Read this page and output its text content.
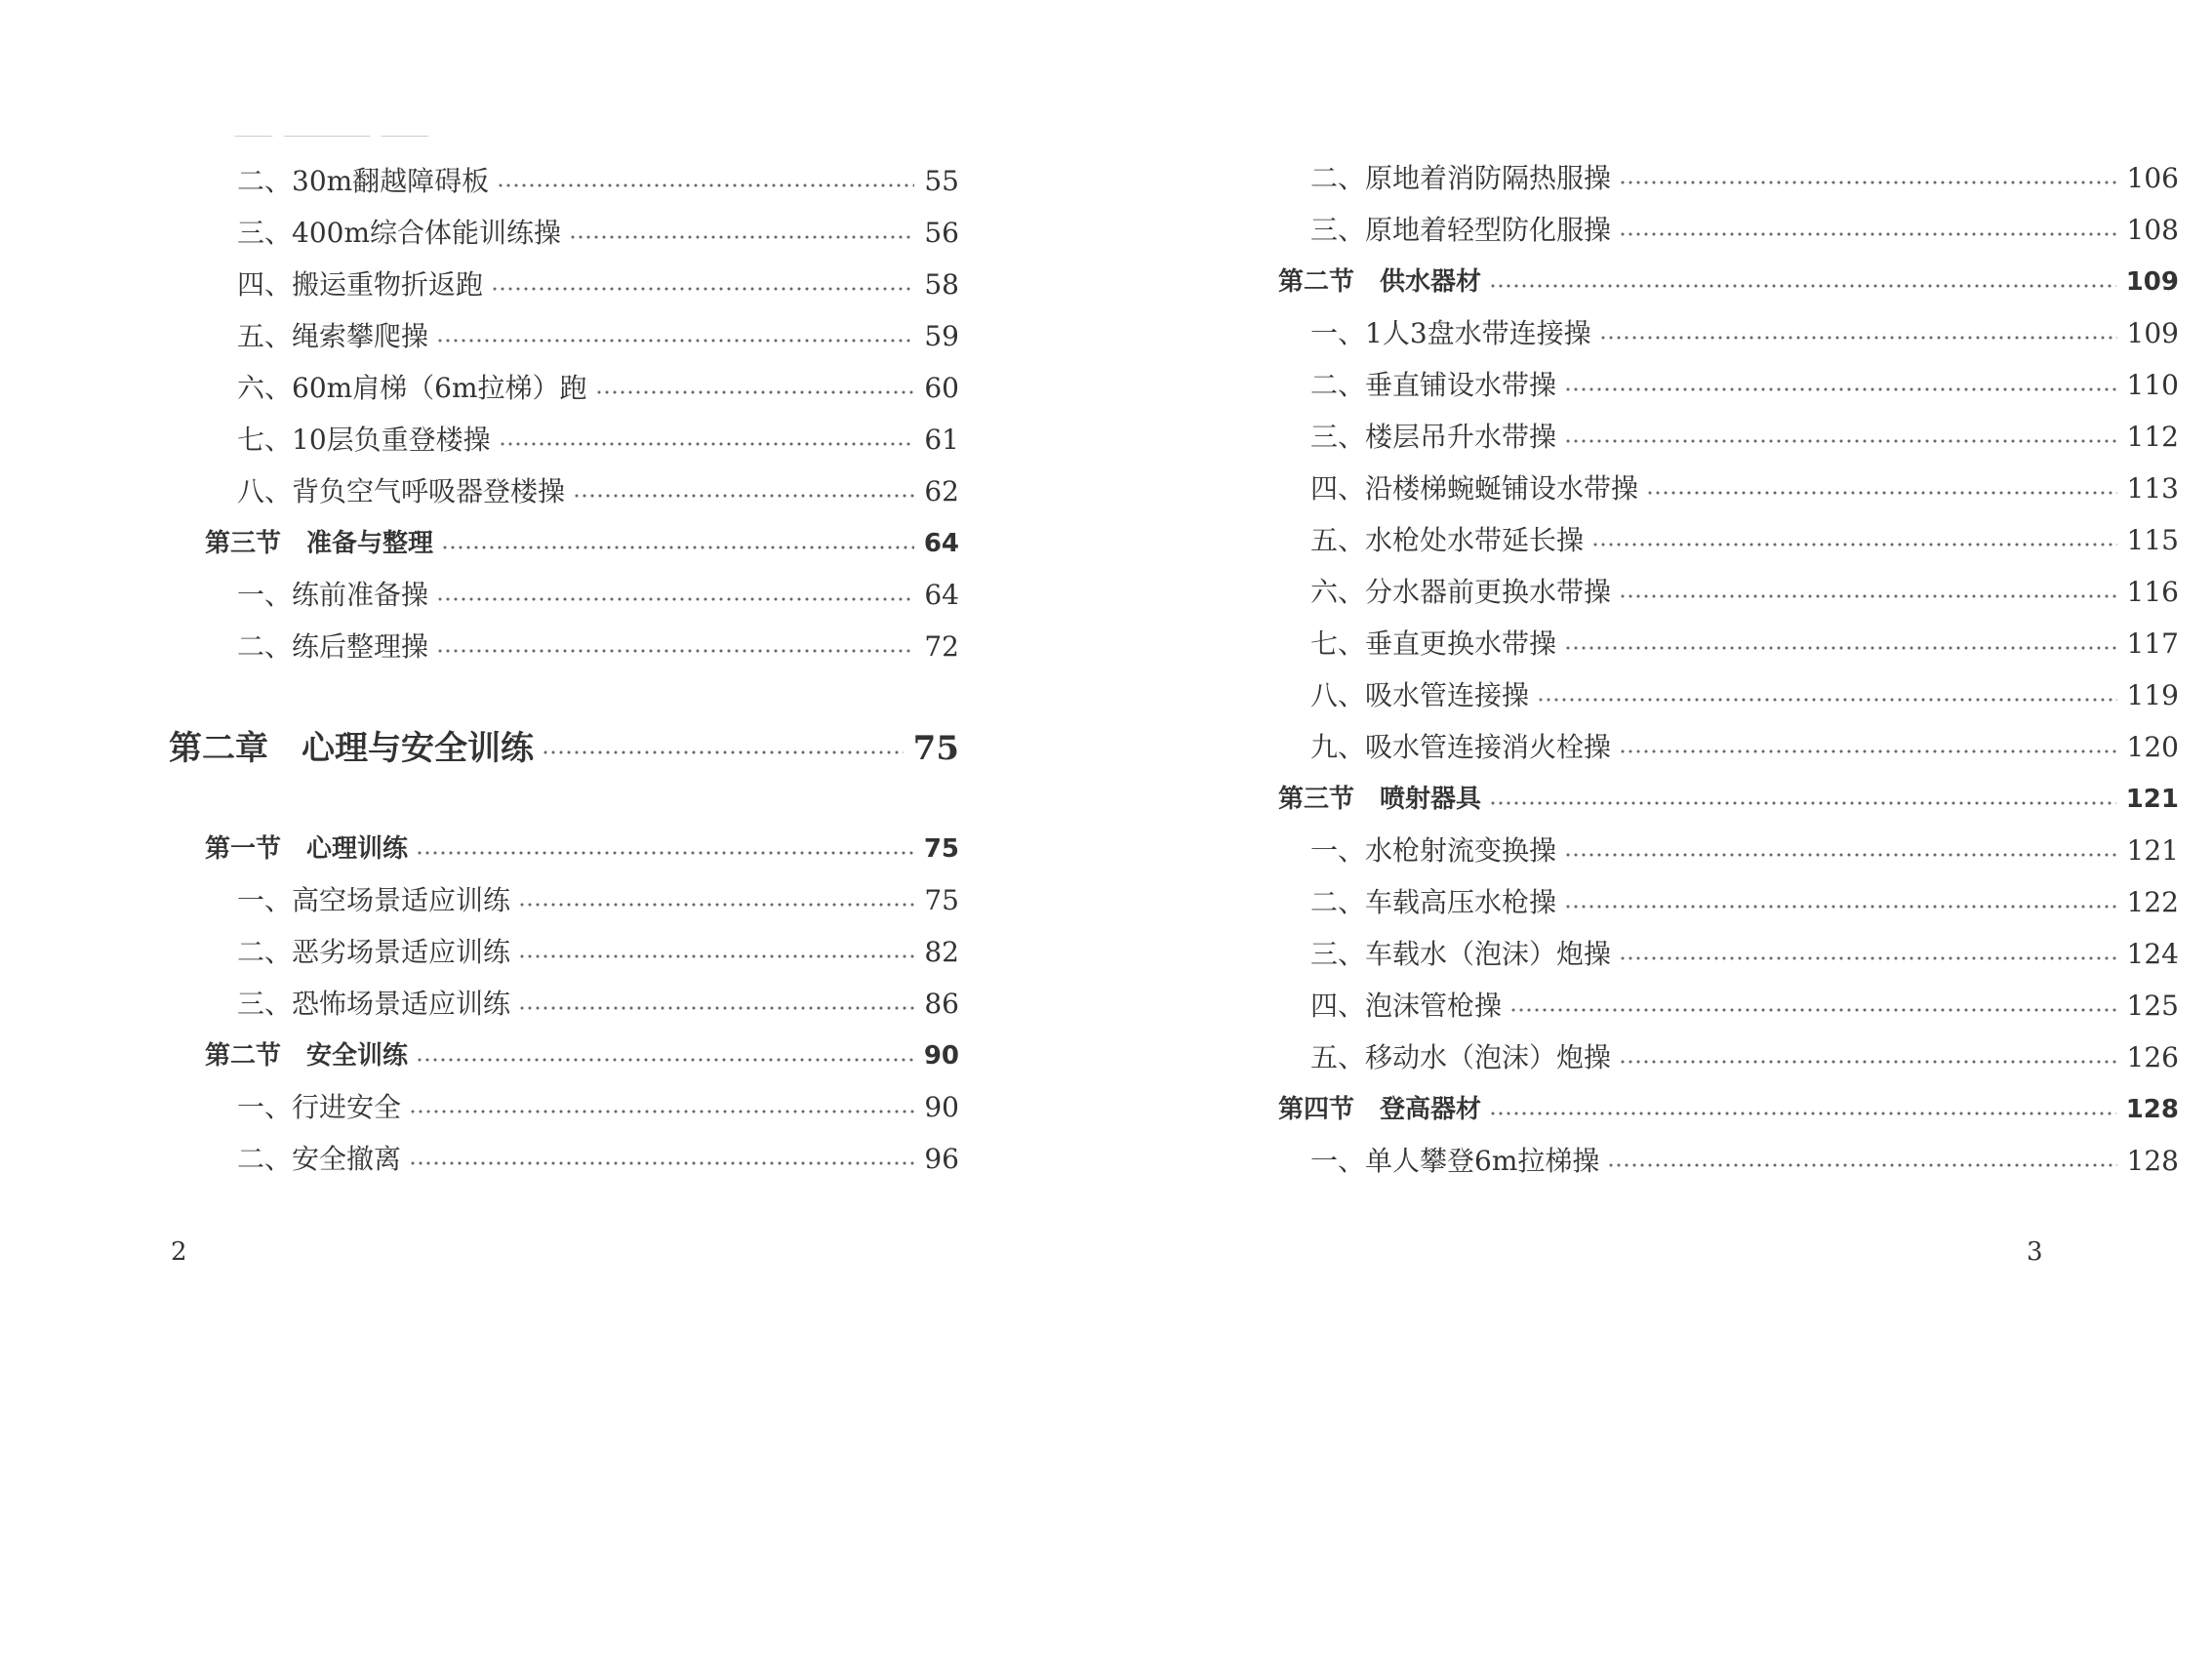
二、30m翻越障碍板	55
三、400m综合体能训练操	56
四、搬运重物折返跑	58
五、绳索攀爬操	59
六、60m肩梯（6m拉梯）跑	60
七、10层负重登楼操	61
八、背负空气呼吸器登楼操	62
第三节　准备与整理	64
一、练前准备操	64
二、练后整理操	72
第二章　心理与安全训练	75
第一节　心理训练	75
一、高空场景适应训练	75
二、恶劣场景适应训练	82
三、恐怖场景适应训练	86
第二节　安全训练	90
一、行进安全	90
二、安全撤离	96
2
二、原地着消防隔热服操	106
三、原地着轻型防化服操	108
第二节　供水器材	109
一、1人3盘水带连接操	109
二、垂直铺设水带操	110
三、楼层吊升水带操	112
四、沿楼梯蜿蜒铺设水带操	113
五、水枪处水带延长操	115
六、分水器前更换水带操	116
七、垂直更换水带操	117
八、吸水管连接操	119
九、吸水管连接消火栓操	120
第三节　喷射器具	121
一、水枪射流变换操	121
二、车载高压水枪操	122
三、车载水（泡沫）炮操	124
四、泡沫管枪操	125
五、移动水（泡沫）炮操	126
第四节　登高器材	128
一、单人攀登6m拉梯操	128
3
